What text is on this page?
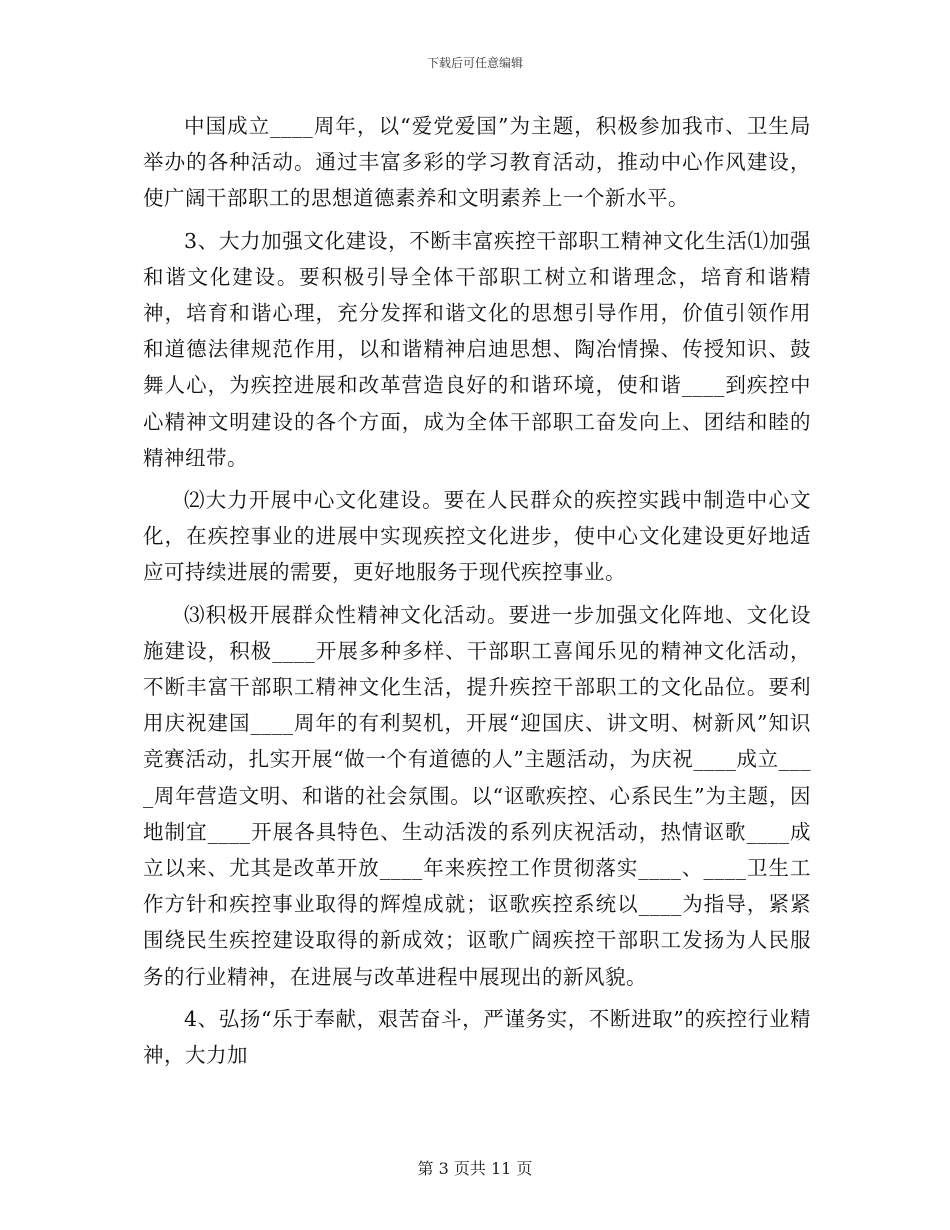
下载后可任意编辑

中国成立____周年，以“爱党爱国”为主题，积极参加我市、卫生局举办的各种活动。通过丰富多彩的学习教育活动，推动中心作风建设，使广阔干部职工的思想道德素养和文明素养上一个新水平。

3、大力加强文化建设，不断丰富疾控干部职工精神文化生活⑴加强和谐文化建设。要积极引导全体干部职工树立和谐理念，培育和谐精神，培育和谐心理，充分发挥和谐文化的思想引导作用，价值引领作用和道德法律规范作用，以和谐精神启迪思想、陶冶情操、传授知识、鼓舞人心，为疾控进展和改革营造良好的和谐环境，使和谐____到疾控中心精神文明建设的各个方面，成为全体干部职工奋发向上、团结和睦的精神纽带。

⑵大力开展中心文化建设。要在人民群众的疾控实践中制造中心文化，在疾控事业的进展中实现疾控文化进步，使中心文化建设更好地适应可持续进展的需要，更好地服务于现代疾控事业。

⑶积极开展群众性精神文化活动。要进一步加强文化阵地、文化设施建设，积极____开展多种多样、干部职工喜闻乐见的精神文化活动，不断丰富干部职工精神文化生活，提升疾控干部职工的文化品位。要利用庆祝建国____周年的有利契机，开展“迎国庆、讲文明、树新风”知识竞赛活动，扎实开展“做一个有道德的人”主题活动，为庆祝____成立____周年营造文明、和谐的社会氛围。以“讴歌疾控、心系民生”为主题，因地制宜____开展各具特色、生动活泼的系列庆祝活动，热情讴歌____成立以来、尤其是改革开放____年来疾控工作贯彻落实____、____卫生工作方针和疾控事业取得的辉煌成就；讴歌疾控系统以____为指导，紧紧围绕民生疾控建设取得的新成效；讴歌广阔疾控干部职工发扬为人民服务的行业精神，在进展与改革进程中展现出的新风貌。

4、弘扬“乐于奉献，艰苦奋斗，严谨务实，不断进取”的疾控行业精神，大力加

第 3 页共 11 页
